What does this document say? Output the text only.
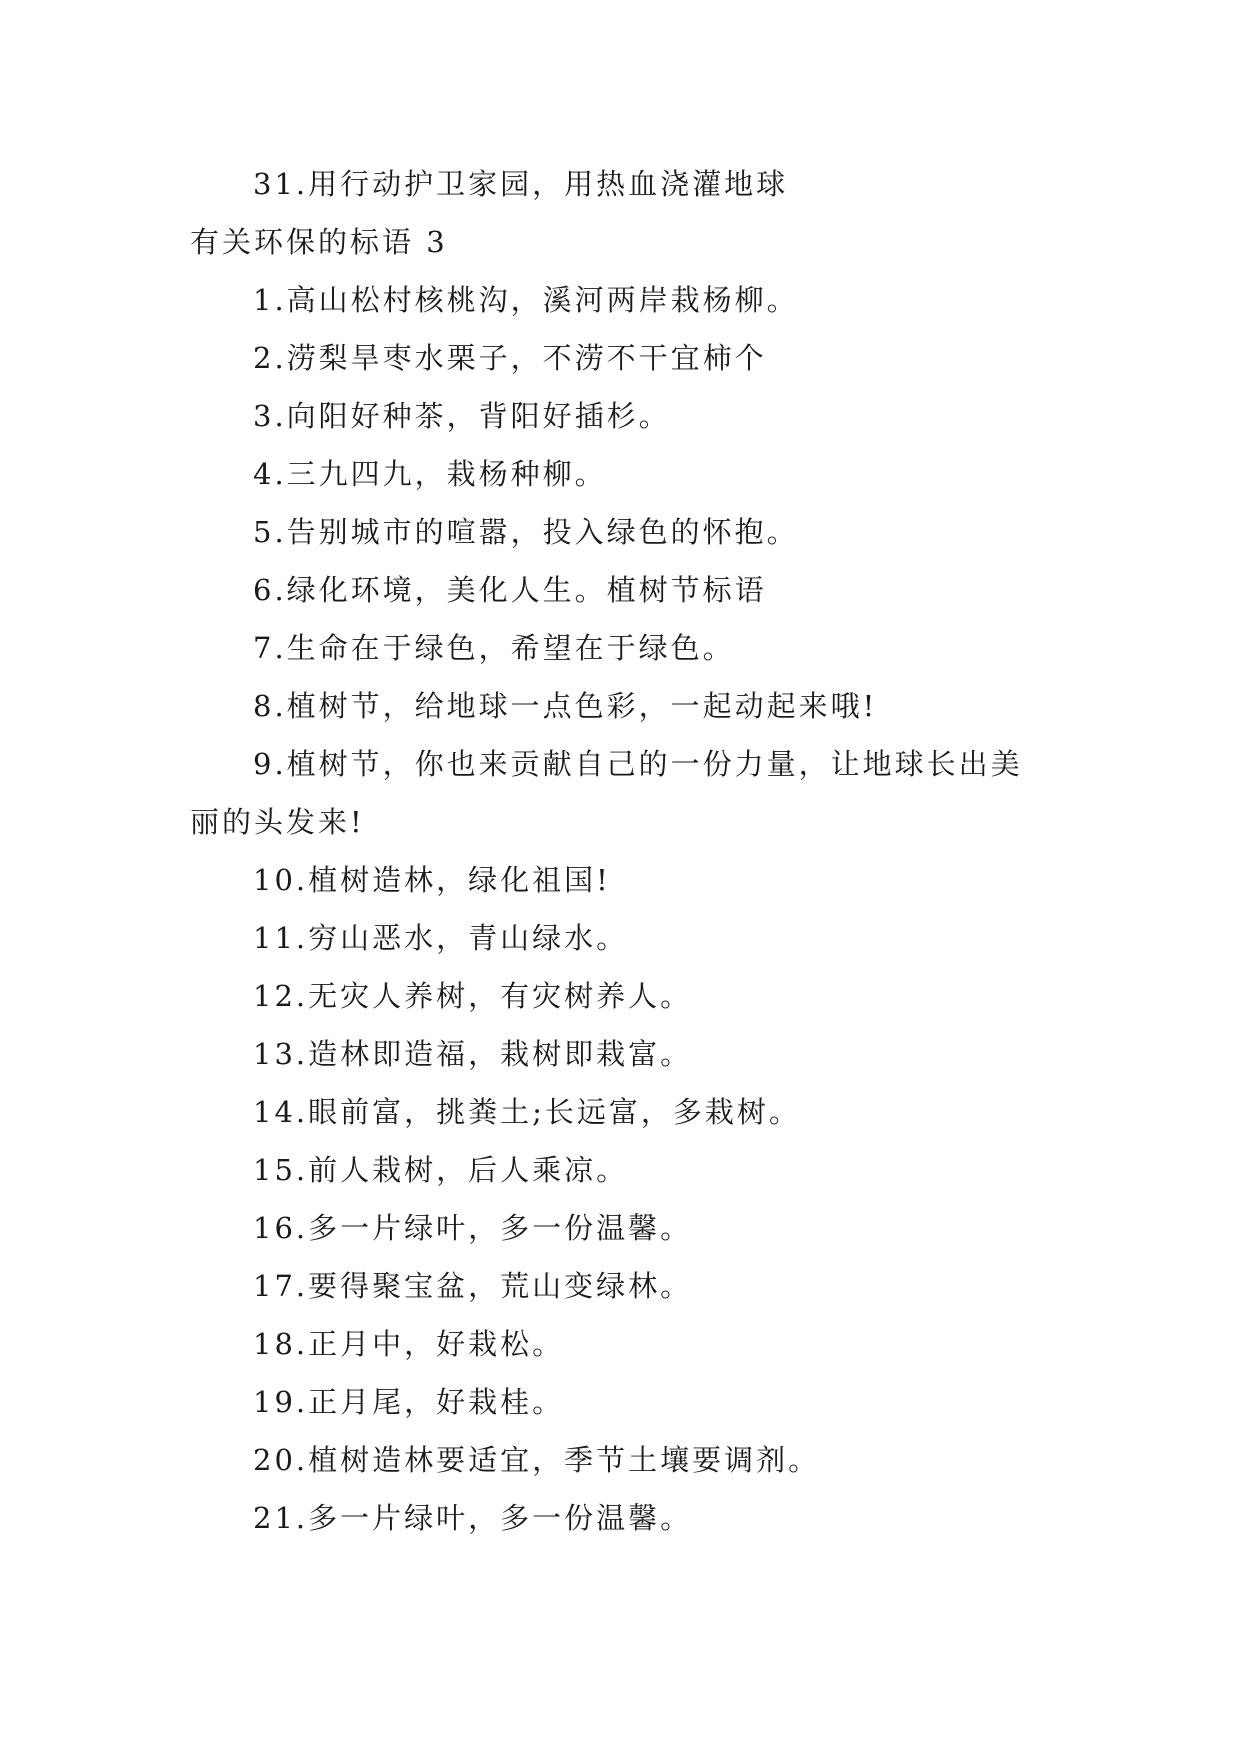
31.用行动护卫家园，用热血浇灌地球
有关环保的标语 3
1.高山松村核桃沟，溪河两岸栽杨柳。
2.涝梨旱枣水栗子，不涝不干宜柿个
3.向阳好种茶，背阳好插杉。
4.三九四九，栽杨种柳。
5.告别城市的喧嚣，投入绿色的怀抱。
6.绿化环境，美化人生。植树节标语
7.生命在于绿色，希望在于绿色。
8.植树节，给地球一点色彩，一起动起来哦!
9.植树节，你也来贡献自己的一份力量，让地球长出美
丽的头发来!
10.植树造林，绿化祖国!
11.穷山恶水，青山绿水。
12.无灾人养树，有灾树养人。
13.造林即造福，栽树即栽富。
14.眼前富，挑粪土;长远富，多栽树。
15.前人栽树，后人乘凉。
16.多一片绿叶，多一份温馨。
17.要得聚宝盆，荒山变绿林。
18.正月中，好栽松。
19.正月尾，好栽桂。
20.植树造林要适宜，季节土壤要调剂。
21.多一片绿叶，多一份温馨。
